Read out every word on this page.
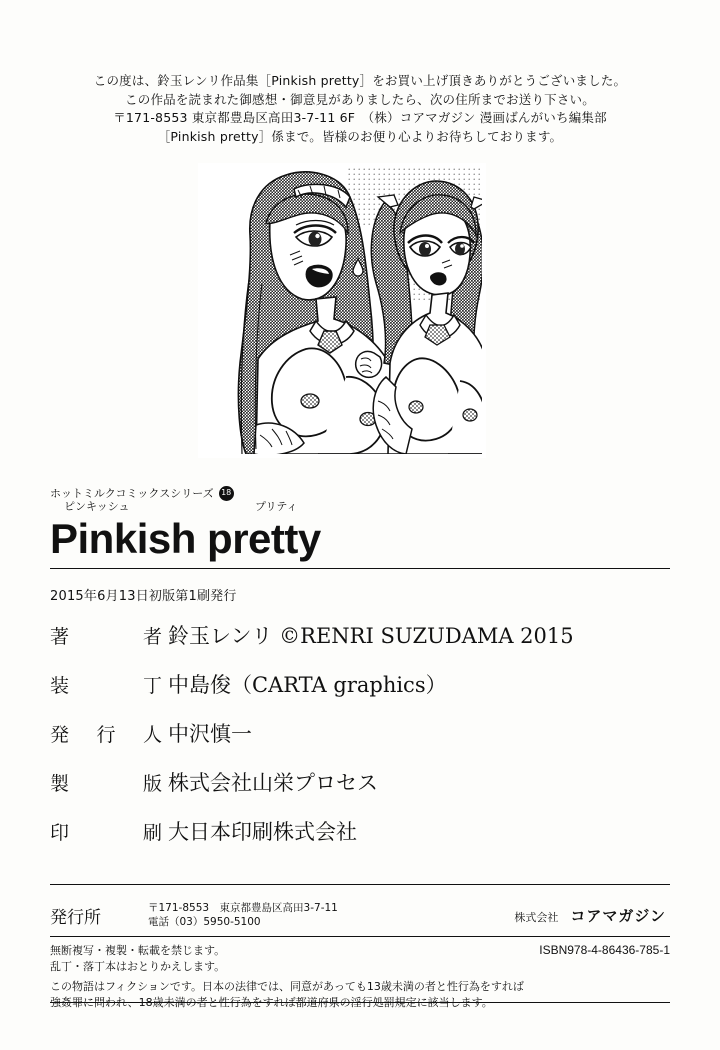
この度は、鈴玉レンリ作品集［Pinkish pretty］をお買い上げ頂きありがとうございました。
この作品を読まれた御感想・御意見がありましたら、次の住所までお送り下さい。
〒171-8553 東京都豊島区高田3-7-11 6F　（株）コアマガジン 漫画ばんがいち編集部
［Pinkish pretty］係まで。皆様のお便り心よりお待ちしております。
ホットミルクコミックスシリーズ 18
ピンキッシュ	プリティ
Pinkish pretty
2015年6月13日初版第1刷発行
著	者 鈴玉レンリ ©RENRI SUZUDAMA 2015
装	丁 中島俊（CARTA graphics）
発 行 人 中沢慎一
製	版 株式会社山栄プロセス
印	刷 大日本印刷株式会社
発行所	〒171-8553　東京都豊島区高田3-7-11
電話（03）5950-5100	株式会社 コアマガジン
無断複写・複製・転載を禁じます。	ISBN978-4-86436-785-1
乱丁・落丁本はおとりかえします。
この物語はフィクションです。日本の法律では、同意があっても13歳未満の者と性行為をすれば
強姦罪に問われ、18歳未満の者と性行為をすれば都道府県の淫行処罰規定に該当します。
